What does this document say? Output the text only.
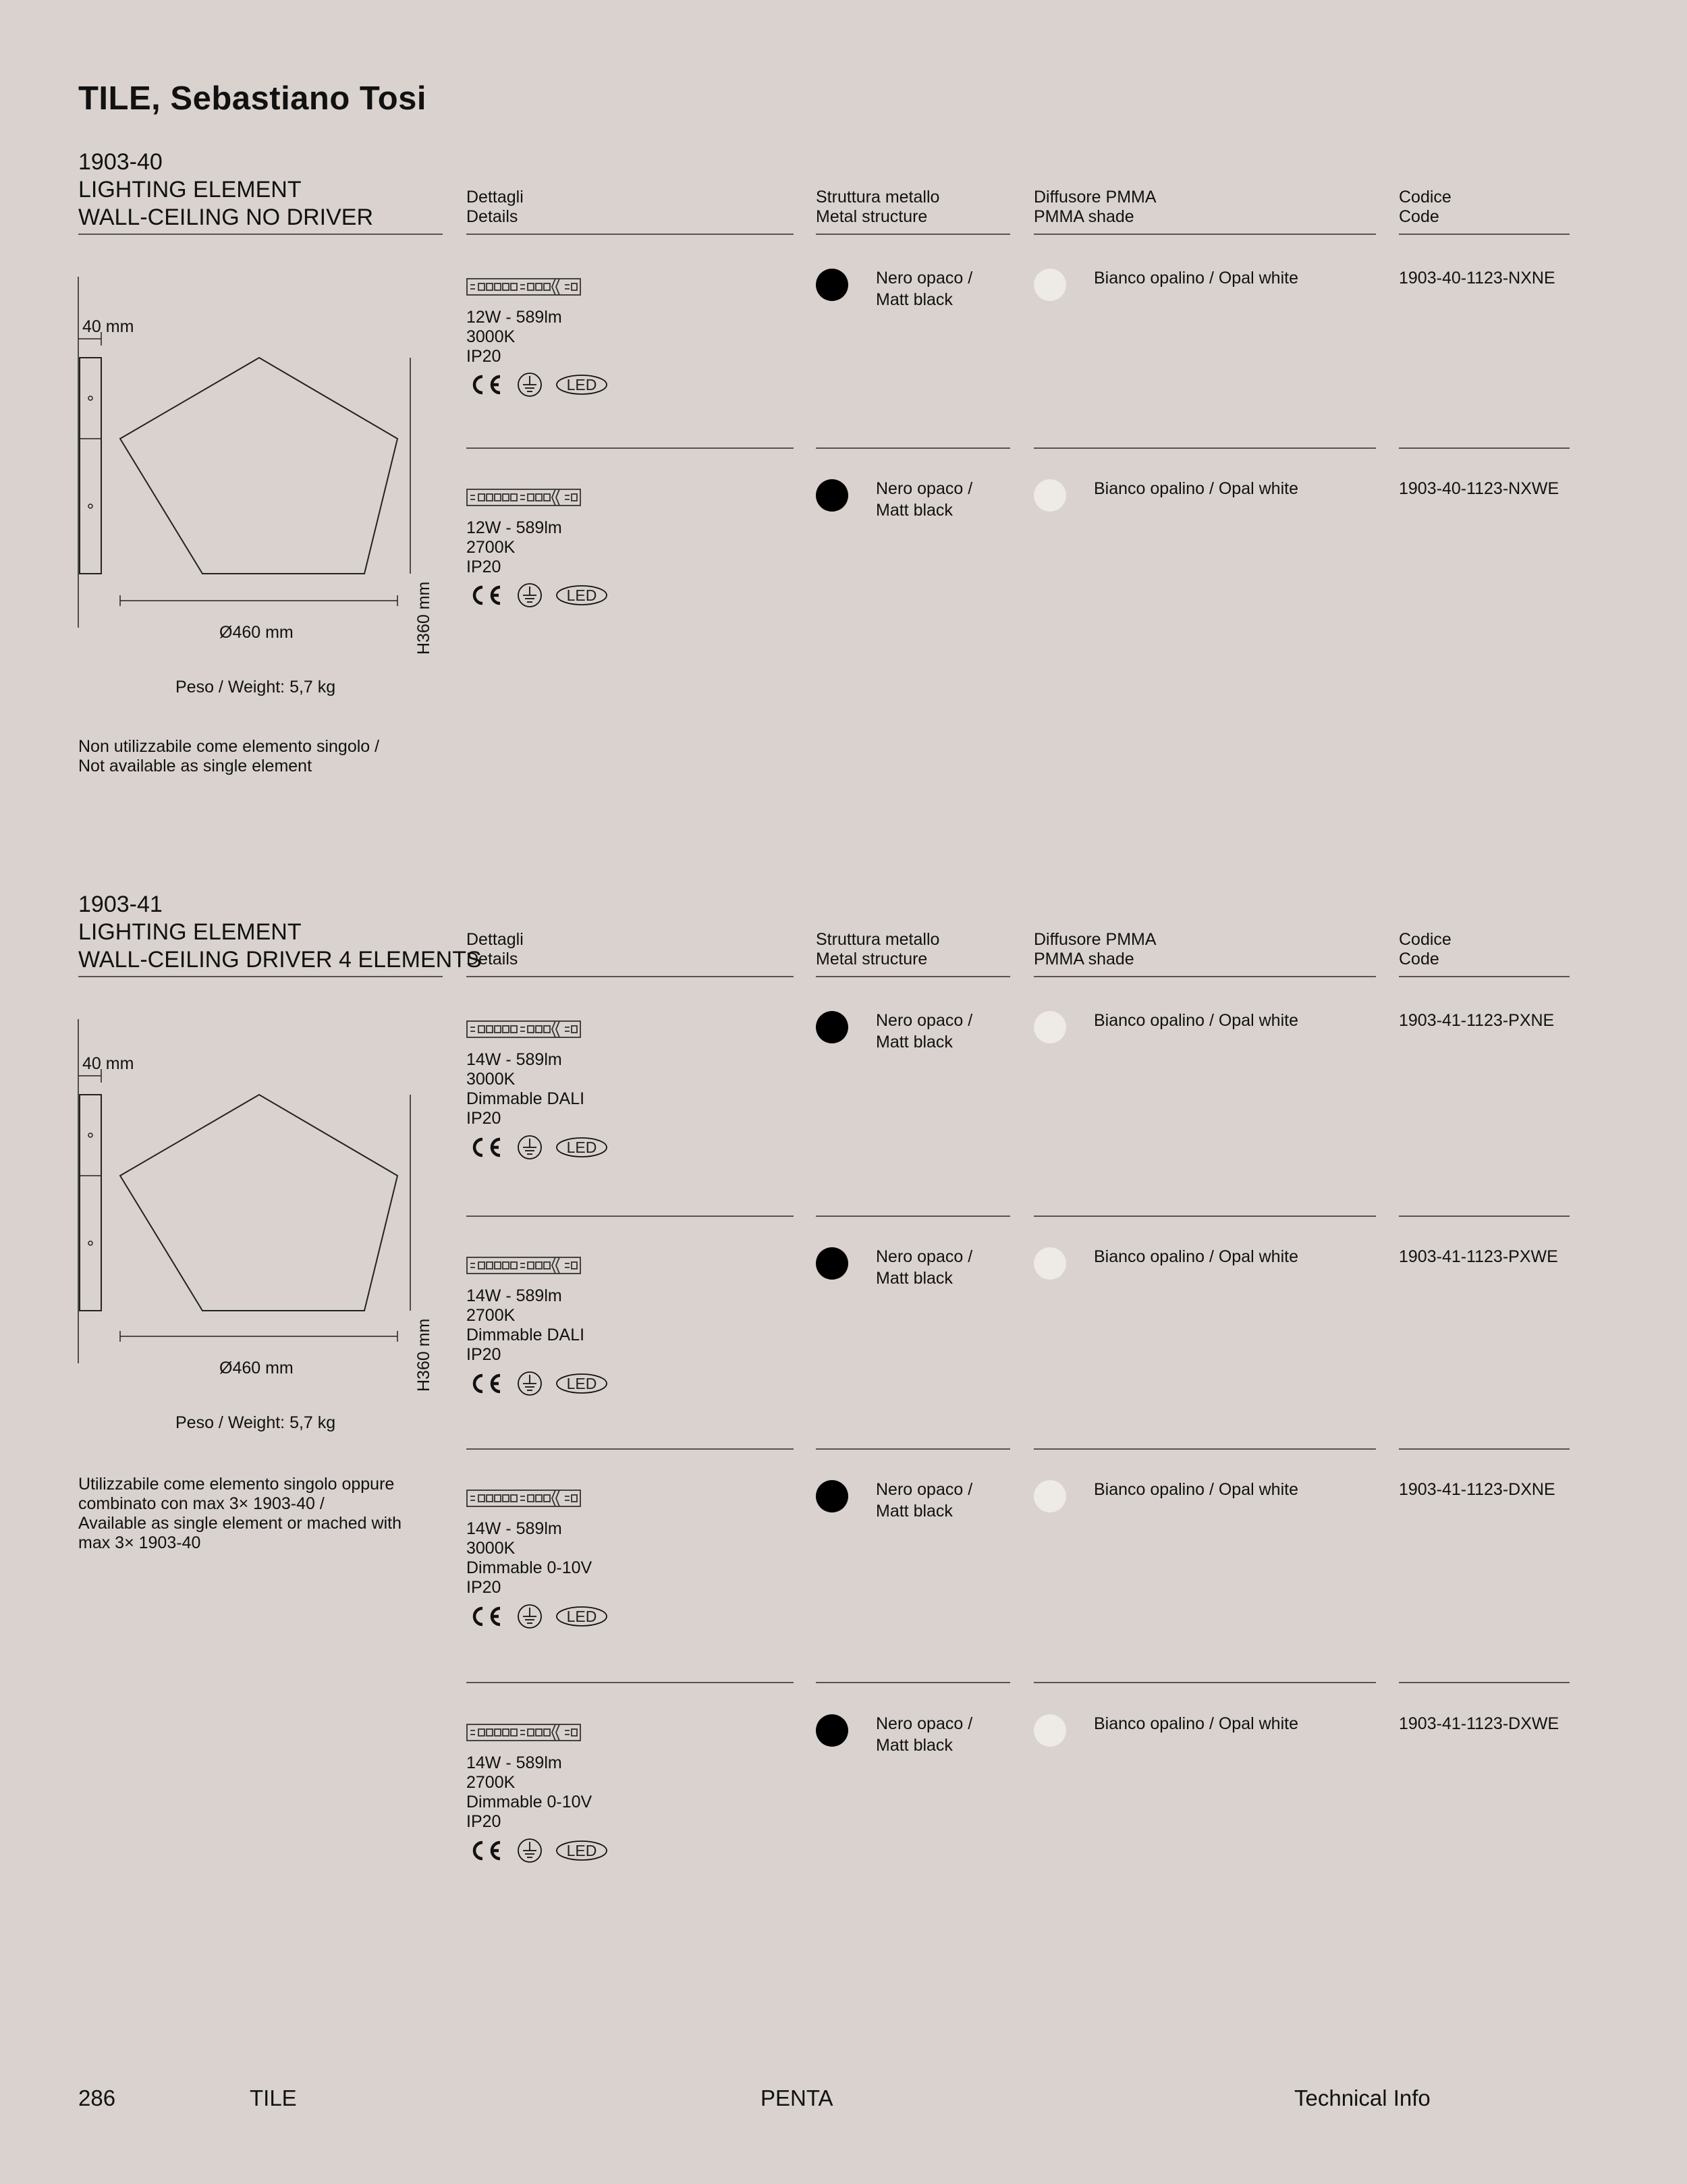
TILE, Sebastiano Tosi
1903-40
LIGHTING ELEMENT
WALL-CEILING NO DRIVER
Dettagli
Details
Struttura metallo
Metal structure
Diffusore PMMA
PMMA shade
Codice
Code
40 mm
H360 mm
Ø460 mm
Peso / Weight: 5,7 kg
Non utilizzabile come elemento singolo /
Not available as single element
12W - 589lm
3000K
IP20
LED
Nero opaco /
Matt black
Bianco opalino / Opal white	1903-40-1123-NXNE
12W - 589lm
2700K
IP20
LED
Nero opaco /
Matt black
Bianco opalino / Opal white	1903-40-1123-NXWE
1903-41
LIGHTING ELEMENT
WALL-CEILING DRIVER 4 ELEMENTS
Dettagli
Details
Struttura metallo
Metal structure
Diffusore PMMA
PMMA shade
Codice
Code
40 mm
H360 mm
Ø460 mm
Peso / Weight: 5,7 kg
Utilizzabile come elemento singolo oppure
combinato con max 3× 1903-40 /
Available as single element or mached with
max 3× 1903-40
14W - 589lm
3000K
Dimmable DALI
IP20
LED
Nero opaco /
Matt black
Bianco opalino / Opal white	1903-41-1123-PXNE
14W - 589lm
2700K
Dimmable DALI
IP20
LED
Nero opaco /
Matt black
Bianco opalino / Opal white	1903-41-1123-PXWE
14W - 589lm
3000K
Dimmable 0-10V
IP20
LED
Nero opaco /
Matt black
Bianco opalino / Opal white	1903-41-1123-DXNE
14W - 589lm
2700K
Dimmable 0-10V
IP20
LED
Nero opaco /
Matt black
Bianco opalino / Opal white	1903-41-1123-DXWE
286	TILE	PENTA	Technical Info
